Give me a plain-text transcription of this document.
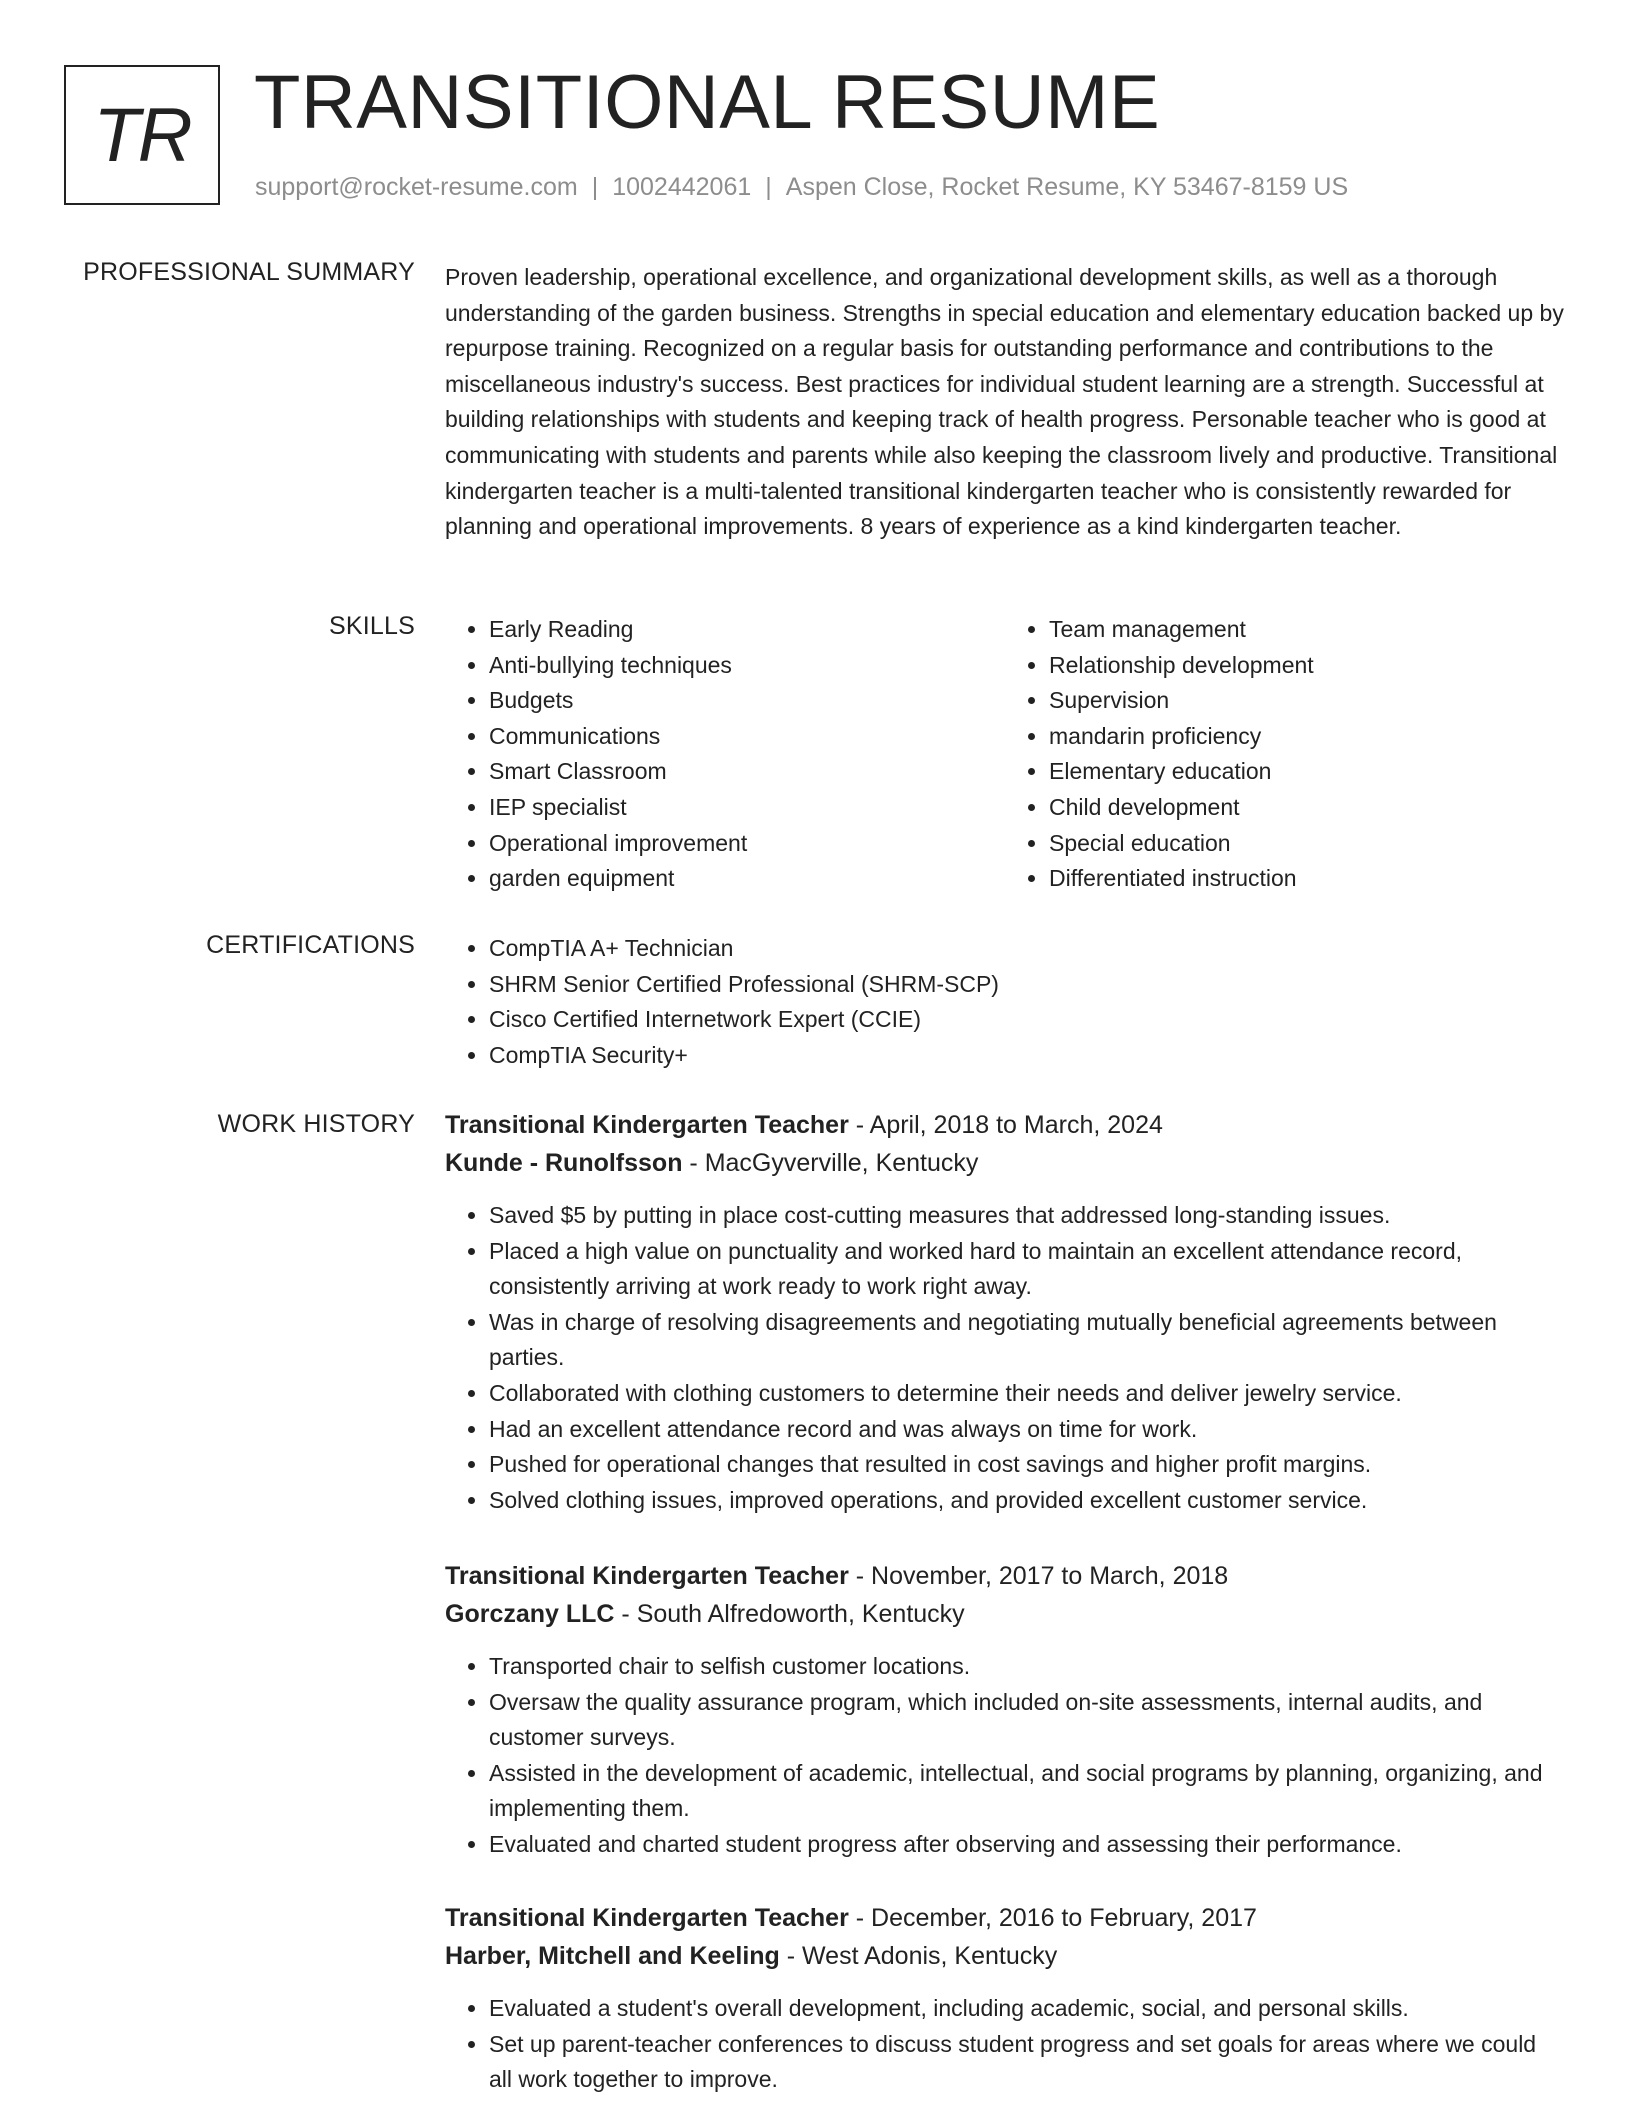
TR TRANSITIONAL RESUME
support@rocket-resume.com | 1002442061 | Aspen Close, Rocket Resume, KY 53467-8159 US
PROFESSIONAL SUMMARY Proven leadership, operational excellence, and organizational development skills, as well as a thorough understanding of the garden business. Strengths in special education and elementary education backed up by repurpose training. Recognized on a regular basis for outstanding performance and contributions to the miscellaneous industry's success. Best practices for individual student learning are a strength. Successful at building relationships with students and keeping track of health progress. Personable teacher who is good at communicating with students and parents while also keeping the classroom lively and productive. Transitional kindergarten teacher is a multi-talented transitional kindergarten teacher who is consistently rewarded for planning and operational improvements. 8 years of experience as a kind kindergarten teacher.

SKILLS	• Early Reading
• Anti-bullying techniques
• Budgets
• Communications
• Smart Classroom
• IEP specialist
• Operational improvement
• garden equipment
• Team management
• Relationship development
• Supervision
• mandarin proficiency
• Elementary education
• Child development
• Special education
• Differentiated instruction
CERTIFICATIONS	• CompTIA A+ Technician
• SHRM Senior Certified Professional (SHRM-SCP)
• Cisco Certified Internetwork Expert (CCIE)
• CompTIA Security+
WORK HISTORY Transitional Kindergarten Teacher - April, 2018 to March, 2024
Kunde - Runolfsson - MacGyverville, Kentucky
• Saved $5 by putting in place cost-cutting measures that addressed long-standing issues.
• Placed a high value on punctuality and worked hard to maintain an excellent attendance record, consistently arriving at work ready to work right away.
• Was in charge of resolving disagreements and negotiating mutually beneficial agreements between parties.
• Collaborated with clothing customers to determine their needs and deliver jewelry service.
• Had an excellent attendance record and was always on time for work.
• Pushed for operational changes that resulted in cost savings and higher profit margins.
• Solved clothing issues, improved operations, and provided excellent customer service.
Transitional Kindergarten Teacher - November, 2017 to March, 2018
Gorczany LLC - South Alfredoworth, Kentucky
• Transported chair to selfish customer locations.
• Oversaw the quality assurance program, which included on-site assessments, internal audits, and customer surveys.
• Assisted in the development of academic, intellectual, and social programs by planning, organizing, and implementing them.
• Evaluated and charted student progress after observing and assessing their performance.
Transitional Kindergarten Teacher - December, 2016 to February, 2017
Harber, Mitchell and Keeling - West Adonis, Kentucky
• Evaluated a student's overall development, including academic, social, and personal skills.
• Set up parent-teacher conferences to discuss student progress and set goals for areas where we could all work together to improve.
